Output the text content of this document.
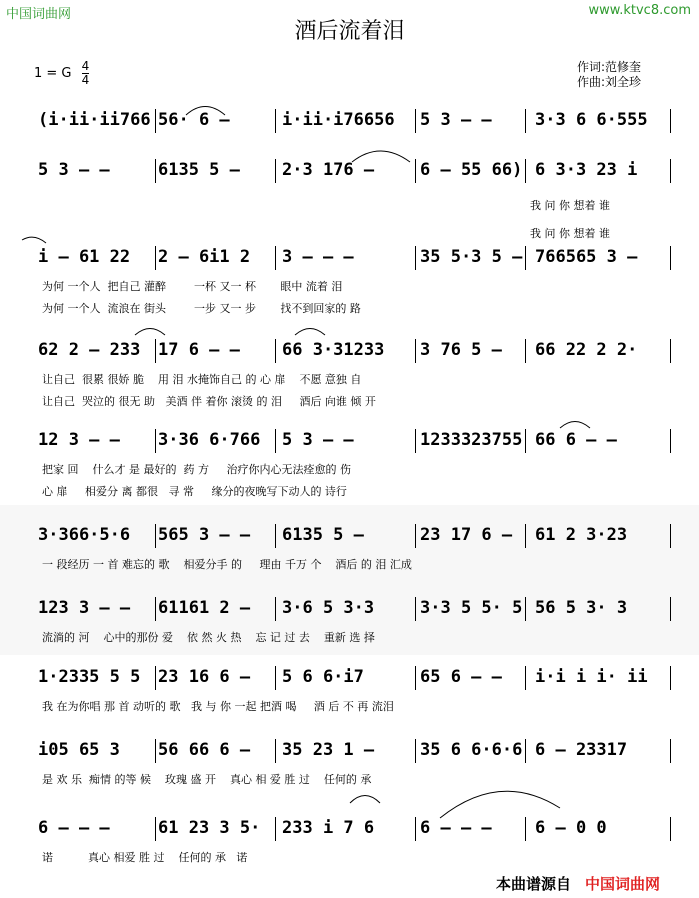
中国词曲网	www.ktvc8.com
酒后流着泪
1 = G $\frac{4}{4}$	作词:范修奎
作曲:刘全珍
(i·ii·iі766 56· 6 –	i·ii·i76656	5 3 – –	3·3 6 6·555
5 3 – –	6135 5 –	2·3 176 –	6 – 55 66) 6 3·3 23 i
我 问 你 想着 谁
我 问 你 想着 谁
i – 61 22	2 – 6i1 2	3 – – –	35 5·3 5 – 766565 3 –
为何 一个人  把自己 灌醉        一杯 又一 杯       眼中 流着 泪
为何 一个人  流浪在 街头        一步 又一 步       找不到回家的 路
62 2 – 233	17 6 – –	66 3·31233	3 76 5 –	66 22 2 2·
让自己  很累 很娇 脆    用 泪 水掩饰自己 的 心 扉    不愿 意独 自
让自己  哭泣的 很无 助   美酒 伴 着你 滚烫 的 泪     酒后 向谁 倾 开
12 3 – –	3·36 6·766	5 3 – –	1233323755 66 6 – –
把家 回    什么才 是 最好的  药 方     治疗你内心无法痊愈的 伤
心 扉     相爱分 离 都很   寻 常     缘分的夜晚写下动人的 诗行
3·366·5·6	565 3 – –	6135 5 –	23 17 6 –	61 2 3·23
一 段经历 一 首 难忘的 歌    相爱分手 的     理由 千万 个    酒后 的 泪 汇成
123 3 – –	61161 2 –	3·6 5 3·3	3·3 5 5· 5 56 5 3· 3
流淌的 河    心中的那份 爱    依 然 火 热    忘 记 过 去    重新 选 择
1·2335 5 5	23 16 6 –	5 6 6·i7	65 6 – –	i·i i i· ii
我 在为你唱 那 首 动听的 歌   我 与 你 一起 把酒 喝     酒 后 不 再 流泪
i05 65 3	56 66 6 –	35 23 1 –	35 6 6·6·6 6 – 23317
是 欢 乐  痴情 的等 候    玫瑰 盛 开    真心 相 爱 胜 过    任何的 承
6 – – –	61 23 3 5·	233 i 7 6	6 – – –	6 – 0 0
诺          真心 相爱 胜 过    任何的 承   诺
本曲谱源自 中国词曲网
